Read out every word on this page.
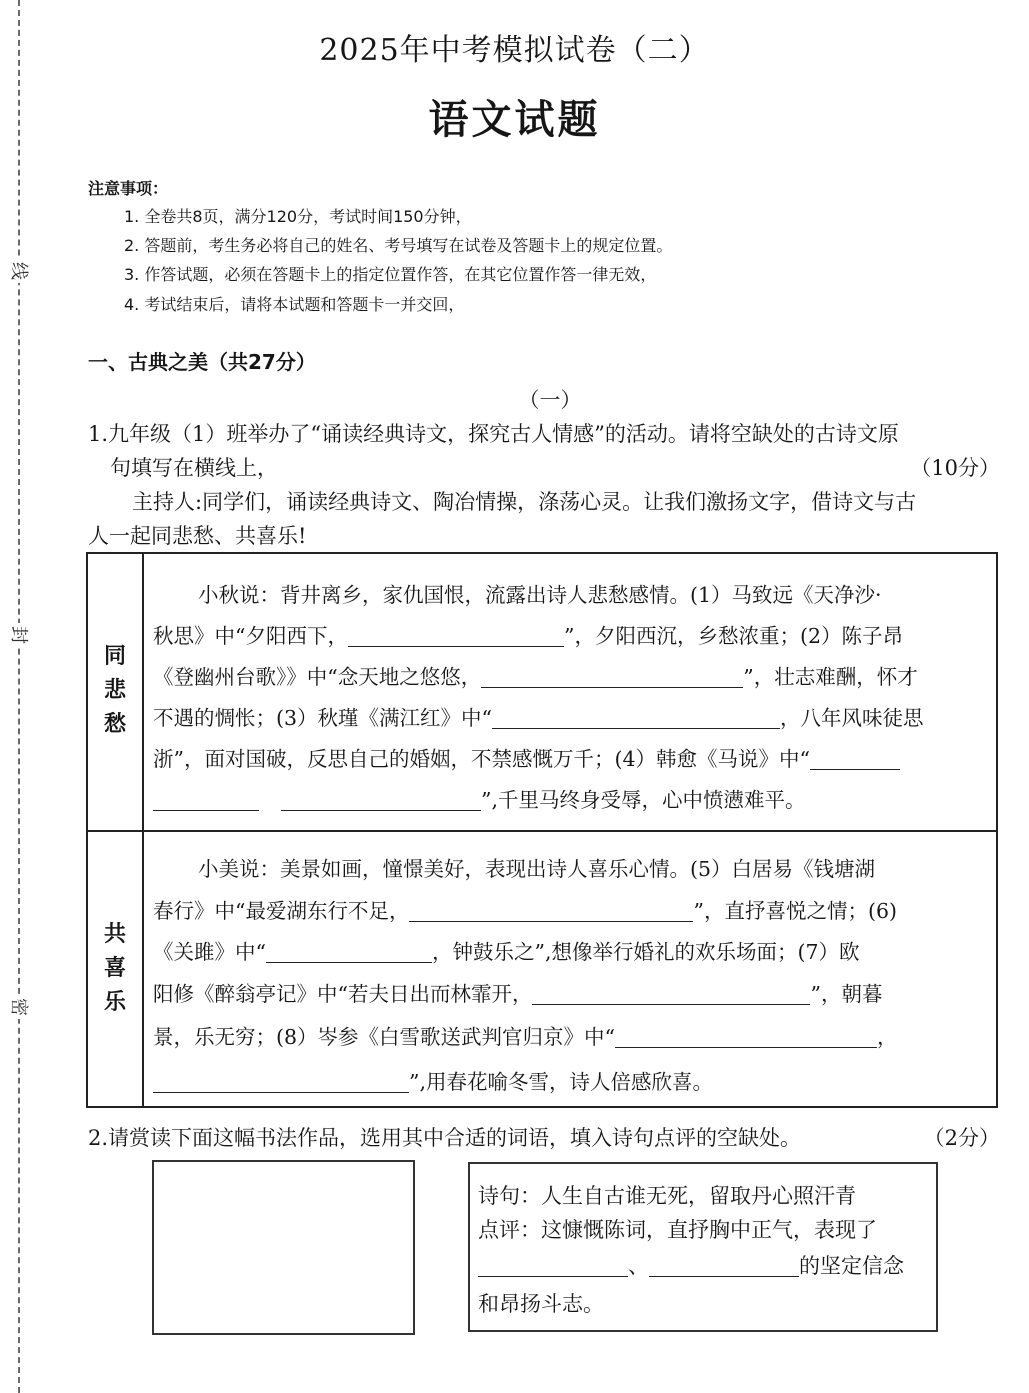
线
封
密
2025年中考模拟试卷（二）
语文试题
注意事项：
1. 全卷共8页，满分120分，考试时间150分钟，
2. 答题前，考生务必将自己的姓名、考号填写在试卷及答题卡上的规定位置。
3. 作答试题，必须在答题卡上的指定位置作答，在其它位置作答一律无效，
4. 考试结束后，请将本试题和答题卡一并交回，
一、古典之美（共27分）
（一）
1.九年级（1）班举办了“诵读经典诗文，探究古人情感”的活动。请将空缺处的古诗文原
句填写在横线上，	（10分）
主持人:同学们，诵读经典诗文、陶冶情操，涤荡心灵。让我们激扬文字，借诗文与古
人一起同悲愁、共喜乐!
同
悲
愁
共
喜
乐
小秋说：背井离乡，家仇国恨，流露出诗人悲愁感情。(1）马致远《天净沙·
秋思》中“夕阳西下，	”，夕阳西沉，乡愁浓重；(2）陈子昂
《登幽州台歌》》中“念天地之悠悠，	”，壮志难酬，怀才
不遇的惆怅；(3）秋瑾《满江红》中“	，八年风味徒思
浙”，面对国破，反思自己的婚姻，不禁感慨万千；(4）韩愈《马说》中“
”,千里马终身受辱，心中愤懑难平。
小美说：美景如画，憧憬美好，表现出诗人喜乐心情。(5）白居易《钱塘湖
春行》中“最爱湖东行不足，	”，直抒喜悦之情；(6)
《关雎》中“	，钟鼓乐之”,想像举行婚礼的欢乐场面；(7）欧
阳修《醉翁亭记》中“若夫日出而林霏开，	”，朝暮
景，乐无穷；(8）岑参《白雪歌送武判官归京》中“	，
”,用春花喻冬雪，诗人倍感欣喜。
2.请赏读下面这幅书法作品，选用其中合适的词语，填入诗句点评的空缺处。	（2分）
诗句：人生自古谁无死，留取丹心照汗青
点评：这慷慨陈词，直抒胸中正气，表现了
、	的坚定信念
和昂扬斗志。
